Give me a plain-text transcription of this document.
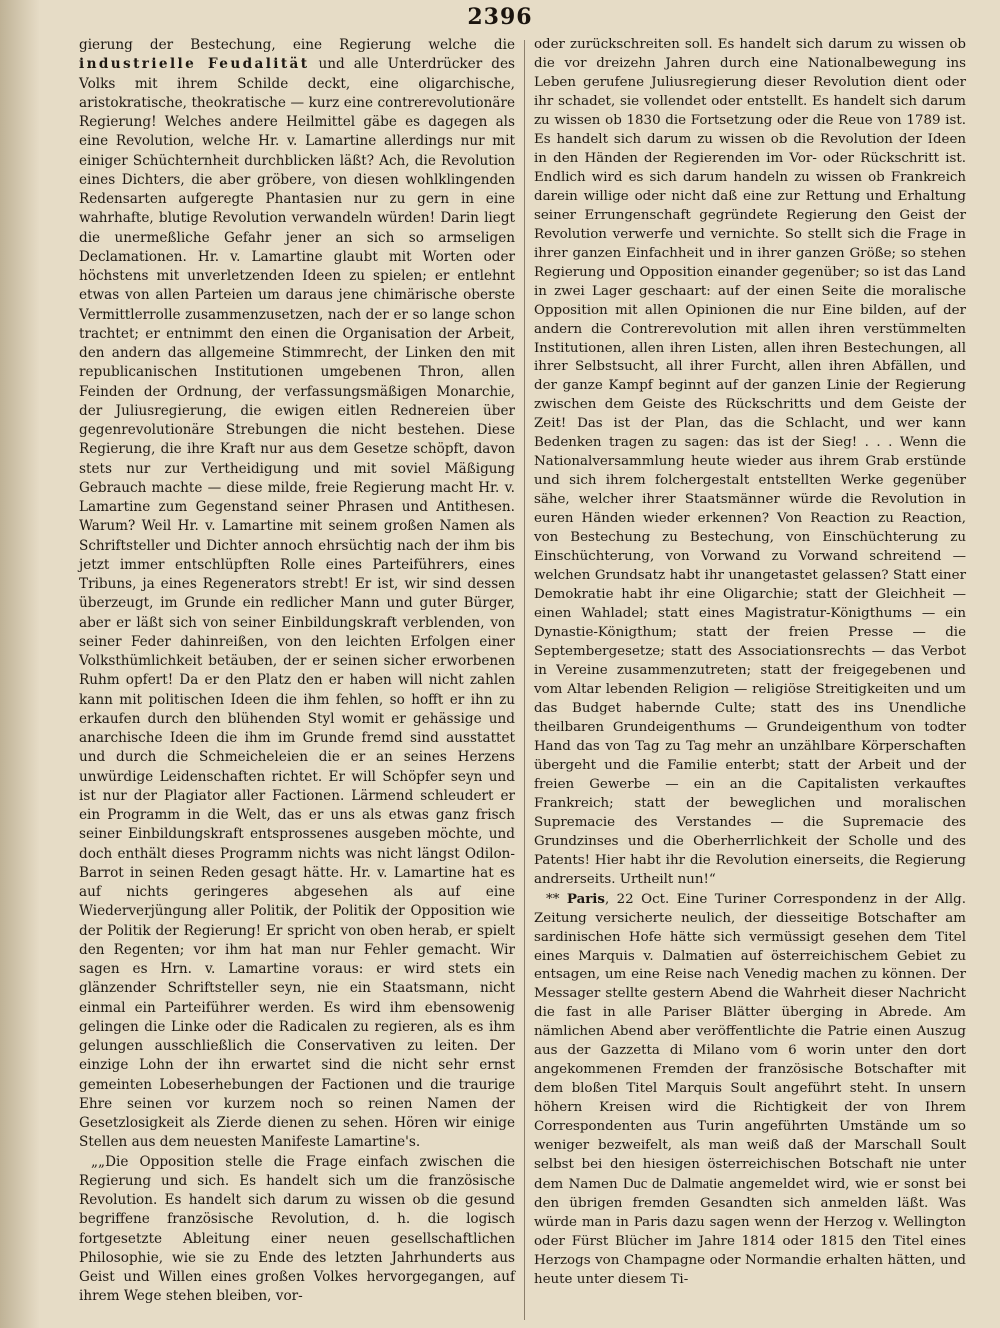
2396

gierung der Bestechung, eine Regierung welche die industrielle Feudalität und alle Unterdrücker des Volks mit ihrem Schilde deckt, eine oligarchische, aristokratische, theokratische — kurz eine contrerevolutionäre Regierung! Welches andere Heilmittel gäbe es dagegen als eine Revolution, welche Hr. v. Lamartine allerdings nur mit einiger Schüchternheit durchblicken läßt? Ach, die Revolution eines Dichters, die aber gröbere, von diesen wohlklingenden Redensarten aufgeregte Phantasien nur zu gern in eine wahrhafte, blutige Revolution verwandeln würden! Darin liegt die unermeßliche Gefahr jener an sich so armseligen Declamationen. Hr. v. Lamartine glaubt mit Worten oder höchstens mit unverletzenden Ideen zu spielen; er entlehnt etwas von allen Parteien um daraus jene chimärische oberste Vermittlerrolle zusammenzusetzen, nach der er so lange schon trachtet; er entnimmt den einen die Organisation der Arbeit, den andern das allgemeine Stimmrecht, der Linken den mit republicanischen Institutionen umgebenen Thron, allen Feinden der Ordnung, der verfassungsmäßigen Monarchie, der Juliusregierung, die ewigen eitlen Rednereien über gegenrevolutionäre Strebungen die nicht bestehen. Diese Regierung, die ihre Kraft nur aus dem Gesetze schöpft, davon stets nur zur Vertheidigung und mit soviel Mäßigung Gebrauch machte — diese milde, freie Regierung macht Hr. v. Lamartine zum Gegenstand seiner Phrasen und Antithesen. Warum? Weil Hr. v. Lamartine mit seinem großen Namen als Schriftsteller und Dichter annoch ehrsüchtig nach der ihm bis jetzt immer entschlüpften Rolle eines Parteiführers, eines Tribuns, ja eines Regenerators strebt! Er ist, wir sind dessen überzeugt, im Grunde ein redlicher Mann und guter Bürger, aber er läßt sich von seiner Einbildungskraft verblenden, von seiner Feder dahinreißen, von den leichten Erfolgen einer Volksthümlichkeit betäuben, der er seinen sicher erworbenen Ruhm opfert! Da er den Platz den er haben will nicht zahlen kann mit politischen Ideen die ihm fehlen, so hofft er ihn zu erkaufen durch den blühenden Styl womit er gehässige und anarchische Ideen die ihm im Grunde fremd sind ausstattet und durch die Schmeicheleien die er an seines Herzens unwürdige Leidenschaften richtet. Er will Schöpfer seyn und ist nur der Plagiator aller Factionen. Lärmend schleudert er ein Programm in die Welt, das er uns als etwas ganz frisch seiner Einbildungskraft entsprossenes ausgeben möchte, und doch enthält dieses Programm nichts was nicht längst Odilon-Barrot in seinen Reden gesagt hätte. Hr. v. Lamartine hat es auf nichts geringeres abgesehen als auf eine Wiederverjüngung aller Politik, der Politik der Opposition wie der Politik der Regierung! Er spricht von oben herab, er spielt den Regenten; vor ihm hat man nur Fehler gemacht. Wir sagen es Hrn. v. Lamartine voraus: er wird stets ein glänzender Schriftsteller seyn, nie ein Staatsmann, nicht einmal ein Parteiführer werden. Es wird ihm ebensowenig gelingen die Linke oder die Radicalen zu regieren, als es ihm gelungen ausschließlich die Conservativen zu leiten. Der einzige Lohn der ihn erwartet sind die nicht sehr ernst gemeinten Lobeserhebungen der Factionen und die traurige Ehre seinen vor kurzem noch so reinen Namen der Gesetzlosigkeit als Zierde dienen zu sehen. Hören wir einige Stellen aus dem neuesten Manifeste Lamartine's.

„„Die Opposition stelle die Frage einfach zwischen die Regierung und sich. Es handelt sich um die französische Revolution. Es handelt sich darum zu wissen ob die gesund begriffene französische Revolution, d. h. die logisch fortgesetzte Ableitung einer neuen gesellschaftlichen Philosophie, wie sie zu Ende des letzten Jahrhunderts aus Geist und Willen eines großen Volkes hervorgegangen, auf ihrem Wege stehen bleiben, vor-

oder zurückschreiten soll. Es handelt sich darum zu wissen ob die vor dreizehn Jahren durch eine Nationalbewegung ins Leben gerufene Juliusregierung dieser Revolution dient oder ihr schadet, sie vollendet oder entstellt. Es handelt sich darum zu wissen ob 1830 die Fortsetzung oder die Reue von 1789 ist. Es handelt sich darum zu wissen ob die Revolution der Ideen in den Händen der Regierenden im Vor- oder Rückschritt ist. Endlich wird es sich darum handeln zu wissen ob Frankreich darein willige oder nicht daß eine zur Rettung und Erhaltung seiner Errungenschaft gegründete Regierung den Geist der Revolution verwerfe und vernichte. So stellt sich die Frage in ihrer ganzen Einfachheit und in ihrer ganzen Größe; so stehen Regierung und Opposition einander gegenüber; so ist das Land in zwei Lager geschaart: auf der einen Seite die moralische Opposition mit allen Opinionen die nur Eine bilden, auf der andern die Contrerevolution mit allen ihren verstümmelten Institutionen, allen ihren Listen, allen ihren Bestechungen, all ihrer Selbstsucht, all ihrer Furcht, allen ihren Abfällen, und der ganze Kampf beginnt auf der ganzen Linie der Regierung zwischen dem Geiste des Rückschritts und dem Geiste der Zeit! Das ist der Plan, das die Schlacht, und wer kann Bedenken tragen zu sagen: das ist der Sieg! . . . Wenn die Nationalversammlung heute wieder aus ihrem Grab erstünde und sich ihrem folchergestalt entstellten Werke gegenüber sähe, welcher ihrer Staatsmänner würde die Revolution in euren Händen wieder erkennen? Von Reaction zu Reaction, von Bestechung zu Bestechung, von Einschüchterung zu Einschüchterung, von Vorwand zu Vorwand schreitend — welchen Grundsatz habt ihr unangetastet gelassen? Statt einer Demokratie habt ihr eine Oligarchie; statt der Gleichheit — einen Wahladel; statt eines Magistratur-Königthums — ein Dynastie-Königthum; statt der freien Presse — die Septembergesetze; statt des Associationsrechts — das Verbot in Vereine zusammenzutreten; statt der freigegebenen und vom Altar lebenden Religion — religiöse Streitigkeiten und um das Budget habernde Culte; statt des ins Unendliche theilbaren Grundeigenthums — Grundeigenthum von todter Hand das von Tag zu Tag mehr an unzählbare Körperschaften übergeht und die Familie enterbt; statt der Arbeit und der freien Gewerbe — ein an die Capitalisten verkauftes Frankreich; statt der beweglichen und moralischen Supremacie des Verstandes — die Supremacie des Grundzinses und die Oberherrlichkeit der Scholle und des Patents! Hier habt ihr die Revolution einerseits, die Regierung andrerseits. Urtheilt nun!“

** Paris, 22 Oct. Eine Turiner Correspondenz in der Allg. Zeitung versicherte neulich, der diesseitige Botschafter am sardinischen Hofe hätte sich vermüssigt gesehen dem Titel eines Marquis v. Dalmatien auf österreichischem Gebiet zu entsagen, um eine Reise nach Venedig machen zu können. Der Messager stellte gestern Abend die Wahrheit dieser Nachricht die fast in alle Pariser Blätter überging in Abrede. Am nämlichen Abend aber veröffentlichte die Patrie einen Auszug aus der Gazzetta di Milano vom 6 worin unter den dort angekommenen Fremden der französische Botschafter mit dem bloßen Titel Marquis Soult angeführt steht. In unsern höhern Kreisen wird die Richtigkeit der von Ihrem Correspondenten aus Turin angeführten Umstände um so weniger bezweifelt, als man weiß daß der Marschall Soult selbst bei den hiesigen österreichischen Botschaft nie unter dem Namen Duc de Dalmatie angemeldet wird, wie er sonst bei den übrigen fremden Gesandten sich anmelden läßt. Was würde man in Paris dazu sagen wenn der Herzog v. Wellington oder Fürst Blücher im Jahre 1814 oder 1815 den Titel eines Herzogs von Champagne oder Normandie erhalten hätten, und heute unter diesem Ti-
